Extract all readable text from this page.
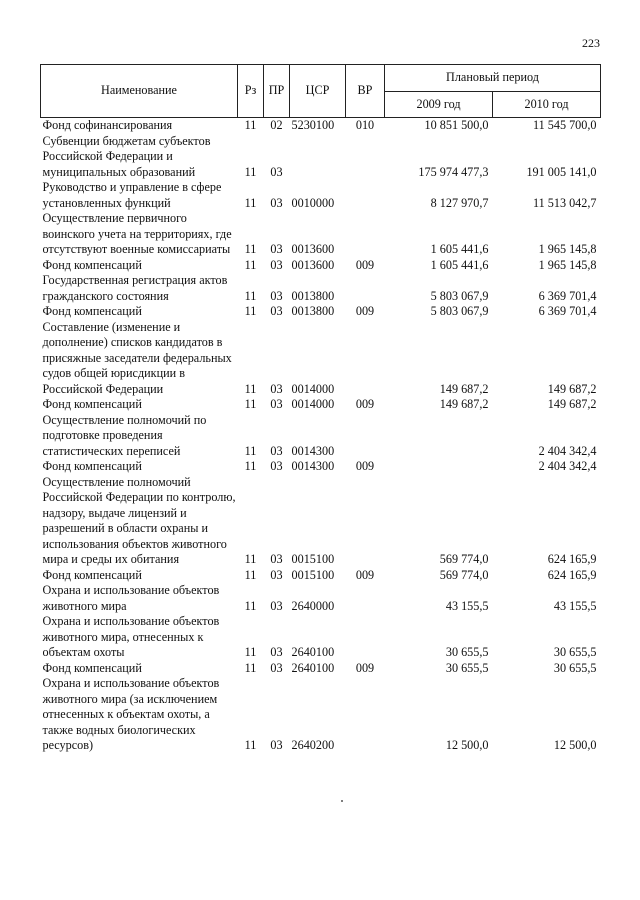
223
Наименование	Рз	ПР	ЦСР	ВР	Плановый период	
					2009 год	2010 год
Фонд софинансирования	11	02	5230100	010	10 851 500,0	11 545 700,0
Субвенции бюджетам субъектов Российской Федерации и муниципальных образований	11	03			175 974 477,3	191 005 141,0
Руководство и управление в сфере установленных функций	11	03	0010000		8 127 970,7	11 513 042,7
Осуществление первичного воинского учета на территориях, где отсутствуют военные комиссариаты	11	03	0013600		1 605 441,6	1 965 145,8
Фонд компенсаций	11	03	0013600	009	1 605 441,6	1 965 145,8
Государственная регистрация актов гражданского состояния	11	03	0013800		5 803 067,9	6 369 701,4
Фонд компенсаций	11	03	0013800	009	5 803 067,9	6 369 701,4
Составление (изменение и дополнение) списков кандидатов в присяжные заседатели федеральных судов общей юрисдикции в Российской Федерации	11	03	0014000		149 687,2	149 687,2
Фонд компенсаций	11	03	0014000	009	149 687,2	149 687,2
Осуществление полномочий по подготовке проведения статистических переписей	11	03	0014300			2 404 342,4
Фонд компенсаций	11	03	0014300	009		2 404 342,4
Осуществление полномочий Российской Федерации по контролю, надзору, выдаче лицензий и разрешений в области охраны и использования объектов животного мира и среды их обитания	11	03	0015100		569 774,0	624 165,9
Фонд компенсаций	11	03	0015100	009	569 774,0	624 165,9
Охрана и использование объектов животного мира	11	03	2640000		43 155,5	43 155,5
Охрана и использование объектов животного мира, отнесенных к объектам охоты	11	03	2640100		30 655,5	30 655,5
Фонд компенсаций	11	03	2640100	009	30 655,5	30 655,5
Охрана и использование объектов животного мира (за исключением отнесенных к объектам охоты, а также водных биологических ресурсов)	11	03	2640200		12 500,0	12 500,0
